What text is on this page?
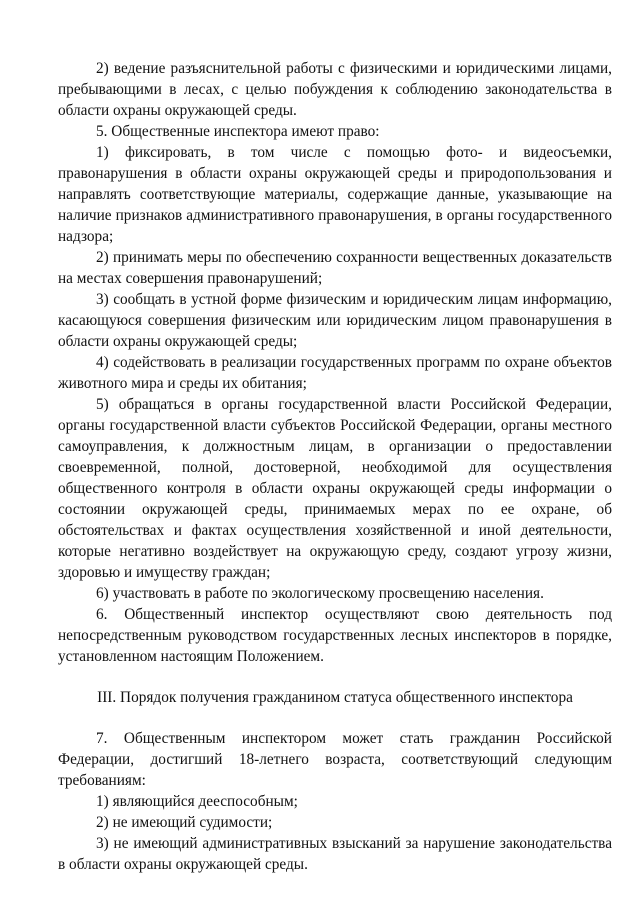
2) ведение разъяснительной работы с физическими и юридическими лицами, пребывающими в лесах, с целью побуждения к соблюдению законодательства в области охраны окружающей среды.

5. Общественные инспектора имеют право:

1) фиксировать, в том числе с помощью фото- и видеосъемки, правонарушения в области охраны окружающей среды и природопользования и направлять соответствующие материалы, содержащие данные, указывающие на наличие признаков административного правонарушения, в органы государственного надзора;

2) принимать меры по обеспечению сохранности вещественных доказательств на местах совершения правонарушений;

3) сообщать в устной форме физическим и юридическим лицам информацию, касающуюся совершения физическим или юридическим лицом правонарушения в области охраны окружающей среды;

4) содействовать в реализации государственных программ по охране объектов животного мира и среды их обитания;

5) обращаться в органы государственной власти Российской Федерации, органы государственной власти субъектов Российской Федерации, органы местного самоуправления, к должностным лицам, в организации о предоставлении своевременной, полной, достоверной, необходимой для осуществления общественного контроля в области охраны окружающей среды информации о состоянии окружающей среды, принимаемых мерах по ее охране, об обстоятельствах и фактах осуществления хозяйственной и иной деятельности, которые негативно воздействует на окружающую среду, создают угрозу жизни, здоровью и имуществу граждан;

6) участвовать в работе по экологическому просвещению населения.

6. Общественный инспектор осуществляют свою деятельность под непосредственным руководством государственных лесных инспекторов в порядке, установленном настоящим Положением.

III. Порядок получения гражданином статуса общественного инспектора

7. Общественным инспектором может стать гражданин Российской Федерации, достигший 18-летнего возраста, соответствующий следующим требованиям:

1) являющийся дееспособным;

2) не имеющий судимости;

3) не имеющий административных взысканий за нарушение законодательства в области охраны окружающей среды.
